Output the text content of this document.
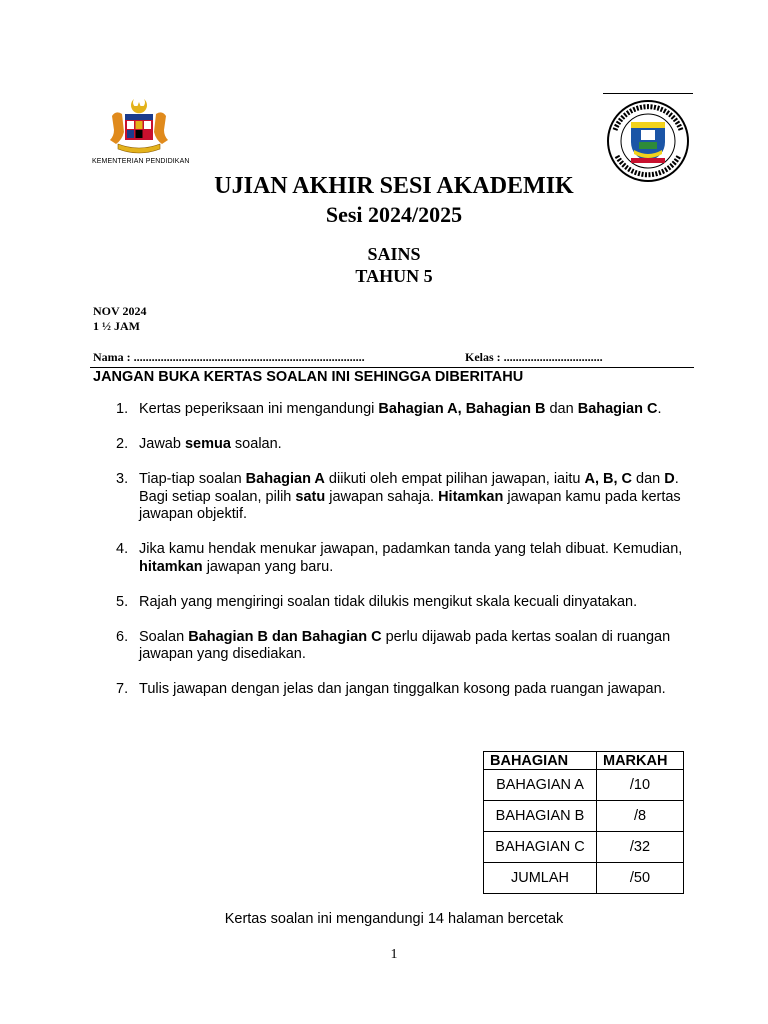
KEMENTERIAN PENDIDIKAN
UJIAN AKHIR SESI AKADEMIK
Sesi 2024/2025
SAINS
TAHUN 5
NOV 2024
1 ½ JAM
Nama : .............................................................................	Kelas : .................................
JANGAN BUKA KERTAS SOALAN INI SEHINGGA DIBERITAHU
1. Kertas peperiksaan ini mengandungi Bahagian A, Bahagian B dan Bahagian C.
2. Jawab semua soalan.
3. Tiap-tiap soalan Bahagian A diikuti oleh empat pilihan jawapan, iaitu A, B, C dan D. Bagi setiap soalan, pilih satu jawapan sahaja. Hitamkan jawapan kamu pada kertas jawapan objektif.
4. Jika kamu hendak menukar jawapan, padamkan tanda yang telah dibuat. Kemudian, hitamkan jawapan yang baru.
5. Rajah yang mengiringi soalan tidak dilukis mengikut skala kecuali dinyatakan.
6. Soalan Bahagian B dan Bahagian C perlu dijawab pada kertas soalan di ruangan jawapan yang disediakan.
7. Tulis jawapan dengan jelas dan jangan tinggalkan kosong pada ruangan jawapan.
BAHAGIAN	MARKAH
BAHAGIAN A	/10
BAHAGIAN B	/8
BAHAGIAN C	/32
JUMLAH	/50
Kertas soalan ini mengandungi 14 halaman bercetak
1
